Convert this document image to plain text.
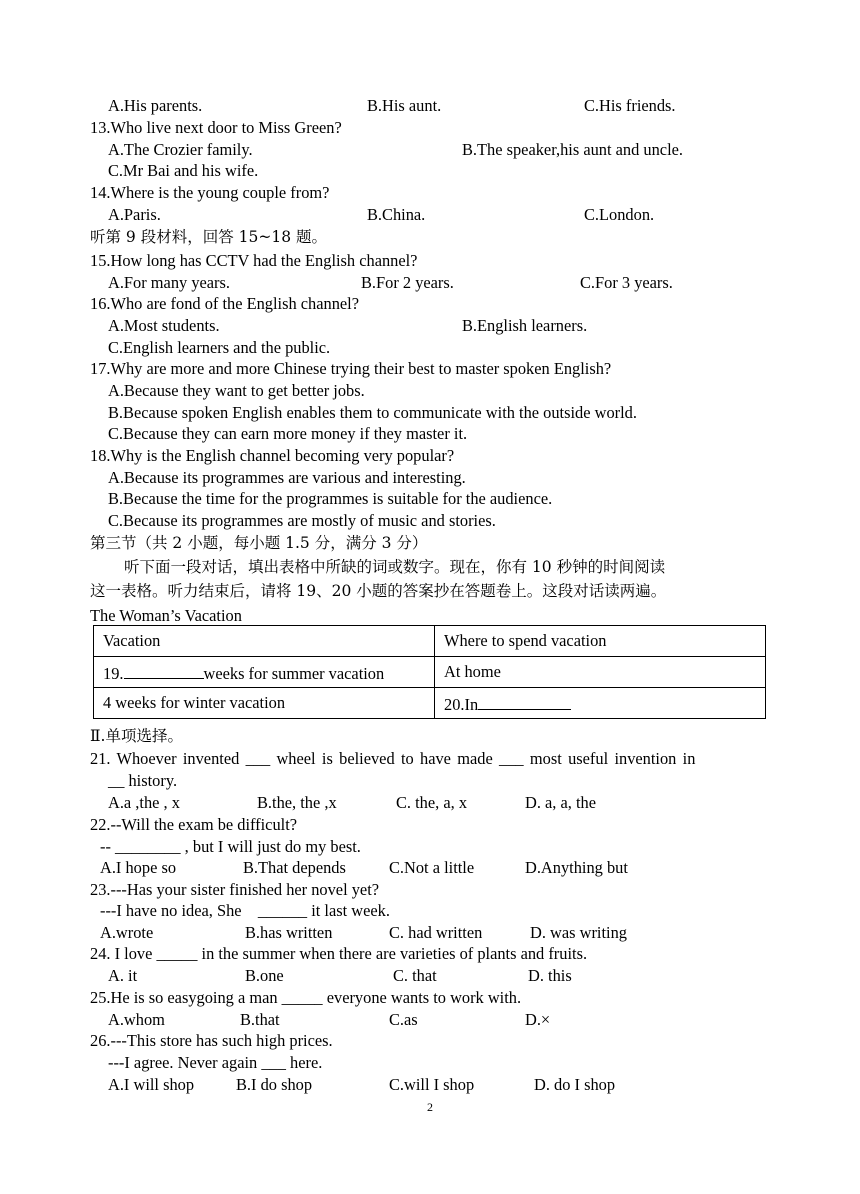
A.His parents.	B.His aunt.	C.His friends.
13.Who live next door to Miss Green?
A.The Crozier family.	B.The speaker,his aunt and uncle.
C.Mr Bai and his wife.
14.Where is the young couple from?
A.Paris.	B.China.	C.London.
听第 9 段材料，回答 15~18 题。
15.How long has CCTV had the English channel?
A.For many years.	B.For 2 years.	C.For 3 years.
16.Who are fond of the English channel?
A.Most students.	B.English learners.
C.English learners and the public.
17.Why are more and more Chinese trying their best to master spoken English?
A.Because they want to get better jobs.
B.Because spoken English enables them to communicate with the outside world.
C.Because they can earn more money if they master it.
18.Why is the English channel becoming very popular?
A.Because its programmes are various and interesting.
B.Because the time for the programmes is suitable for the audience.
C.Because its programmes are mostly of music and stories.
第三节（共 2 小题，每小题 1.5 分，满分 3 分）
听下面一段对话，填出表格中所缺的词或数字。现在，你有 10 秒钟的时间阅读
这一表格。听力结束后，请将 19、20 小题的答案抄在答题卷上。这段对话读两遍。
The Woman’s Vacation
Vacation	Where to spend vacation
19. weeks for summer vacation	At home
4 weeks for winter vacation	20.In
Ⅱ.单项选择。
21. Whoever invented ___ wheel is believed to have made ___ most useful invention in
__ history.
A.a ,the , x	B.the, the ,x	C. the, a, x	D. a, a, the
22.--Will the exam be difficult?
-- ________ , but I will just do my best.
A.I hope so	B.That depends	C.Not a little	D.Anything but
23.---Has your sister finished her novel yet?
---I have no idea, She    ______ it last week.
A.wrote	B.has written	C. had written	D. was writing
24. I love _____ in the summer when there are varieties of plants and fruits.
A. it	B.one	C. that	D. this
25.He is so easygoing a man _____ everyone wants to work with.
A.whom	B.that	C.as	D.×
26.---This store has such high prices.
---I agree. Never again ___ here.
A.I will shop	B.I do shop	C.will I shop	D. do I shop
2
